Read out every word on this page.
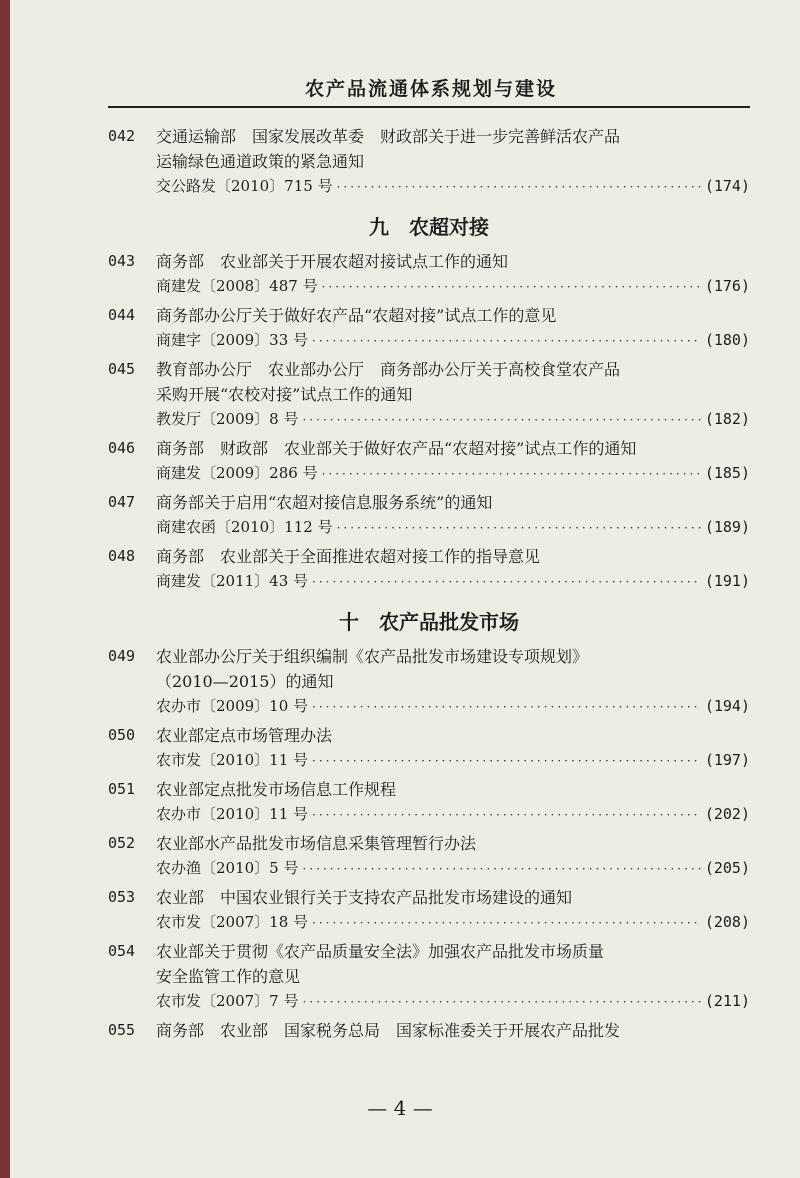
农产品流通体系规划与建设
042	交通运输部　国家发展改革委　财政部关于进一步完善鲜活农产品
运输绿色通道政策的紧急通知
交公路发〔2010〕715 号 ·····	(174)
九　农超对接
043	商务部　农业部关于开展农超对接试点工作的通知
商建发〔2008〕487 号 ·····	(176)
044	商务部办公厅关于做好农产品“农超对接”试点工作的意见
商建字〔2009〕33 号 ·····	(180)
045	教育部办公厅　农业部办公厅　商务部办公厅关于高校食堂农产品
采购开展“农校对接”试点工作的通知
教发厅〔2009〕8 号 ·····	(182)
046	商务部　财政部　农业部关于做好农产品“农超对接”试点工作的通知
商建发〔2009〕286 号 ·····	(185)
047	商务部关于启用“农超对接信息服务系统”的通知
商建农函〔2010〕112 号 ·····	(189)
048	商务部　农业部关于全面推进农超对接工作的指导意见
商建发〔2011〕43 号 ·····	(191)
十　农产品批发市场
049	农业部办公厅关于组织编制《农产品批发市场建设专项规划》
（2010—2015）的通知
农办市〔2009〕10 号 ·····	(194)
050	农业部定点市场管理办法
农市发〔2010〕11 号 ·····	(197)
051	农业部定点批发市场信息工作规程
农办市〔2010〕11 号 ·····	(202)
052	农业部水产品批发市场信息采集管理暂行办法
农办渔〔2010〕5 号 ·····	(205)
053	农业部　中国农业银行关于支持农产品批发市场建设的通知
农市发〔2007〕18 号 ·····	(208)
054	农业部关于贯彻《农产品质量安全法》加强农产品批发市场质量
安全监管工作的意见
农市发〔2007〕7 号 ·····	(211)
055	商务部　农业部　国家税务总局　国家标准委关于开展农产品批发
— 4 —
